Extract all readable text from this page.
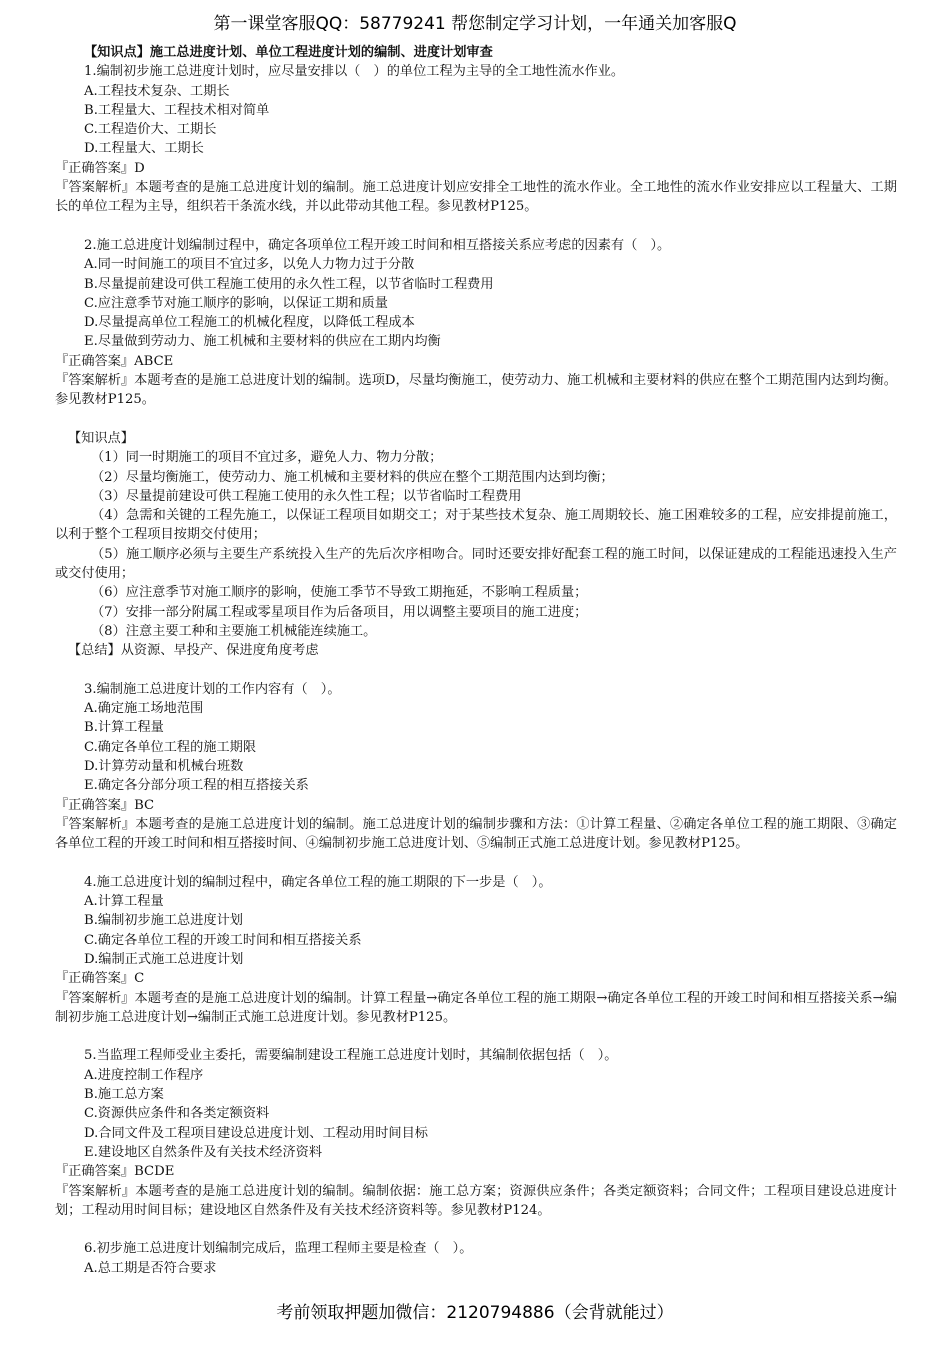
第一课堂客服QQ：58779241 帮您制定学习计划，一年通关加客服Q
【知识点】施工总进度计划、单位工程进度计划的编制、进度计划审查
1.编制初步施工总进度计划时，应尽量安排以（　）的单位工程为主导的全工地性流水作业。
A.工程技术复杂、工期长
B.工程量大、工程技术相对简单
C.工程造价大、工期长
D.工程量大、工期长
『正确答案』D
『答案解析』本题考查的是施工总进度计划的编制。施工总进度计划应安排全工地性的流水作业。全工地性的流水作业安排应以工程量大、工期长的单位工程为主导，组织若干条流水线，并以此带动其他工程。参见教材P125。
2.施工总进度计划编制过程中，确定各项单位工程开竣工时间和相互搭接关系应考虑的因素有（　）。
A.同一时间施工的项目不宜过多，以免人力物力过于分散
B.尽量提前建设可供工程施工使用的永久性工程，以节省临时工程费用
C.应注意季节对施工顺序的影响，以保证工期和质量
D.尽量提高单位工程施工的机械化程度，以降低工程成本
E.尽量做到劳动力、施工机械和主要材料的供应在工期内均衡
『正确答案』ABCE
『答案解析』本题考查的是施工总进度计划的编制。选项D，尽量均衡施工，使劳动力、施工机械和主要材料的供应在整个工期范围内达到均衡。参见教材P125。
【知识点】
（1）同一时期施工的项目不宜过多，避免人力、物力分散；
（2）尽量均衡施工，使劳动力、施工机械和主要材料的供应在整个工期范围内达到均衡；
（3）尽量提前建设可供工程施工使用的永久性工程；以节省临时工程费用
（4）急需和关键的工程先施工，以保证工程项目如期交工；对于某些技术复杂、施工周期较长、施工困难较多的工程，应安排提前施工，以利于整个工程项目按期交付使用；
（5）施工顺序必须与主要生产系统投入生产的先后次序相吻合。同时还要安排好配套工程的施工时间，以保证建成的工程能迅速投入生产或交付使用；
（6）应注意季节对施工顺序的影响，使施工季节不导致工期拖延，不影响工程质量；
（7）安排一部分附属工程或零星项目作为后备项目，用以调整主要项目的施工进度；
（8）注意主要工种和主要施工机械能连续施工。
【总结】从资源、早投产、保进度角度考虑
3.编制施工总进度计划的工作内容有（　）。
A.确定施工场地范围
B.计算工程量
C.确定各单位工程的施工期限
D.计算劳动量和机械台班数
E.确定各分部分项工程的相互搭接关系
『正确答案』BC
『答案解析』本题考查的是施工总进度计划的编制。施工总进度计划的编制步骤和方法：①计算工程量、②确定各单位工程的施工期限、③确定各单位工程的开竣工时间和相互搭接时间、④编制初步施工总进度计划、⑤编制正式施工总进度计划。参见教材P125。
4.施工总进度计划的编制过程中，确定各单位工程的施工期限的下一步是（　）。
A.计算工程量
B.编制初步施工总进度计划
C.确定各单位工程的开竣工时间和相互搭接关系
D.编制正式施工总进度计划
『正确答案』C
『答案解析』本题考查的是施工总进度计划的编制。计算工程量→确定各单位工程的施工期限→确定各单位工程的开竣工时间和相互搭接关系→编制初步施工总进度计划→编制正式施工总进度计划。参见教材P125。
5.当监理工程师受业主委托，需要编制建设工程施工总进度计划时，其编制依据包括（　）。
A.进度控制工作程序
B.施工总方案
C.资源供应条件和各类定额资料
D.合同文件及工程项目建设总进度计划、工程动用时间目标
E.建设地区自然条件及有关技术经济资料
『正确答案』BCDE
『答案解析』本题考查的是施工总进度计划的编制。编制依据：施工总方案；资源供应条件；各类定额资料；合同文件；工程项目建设总进度计划；工程动用时间目标；建设地区自然条件及有关技术经济资料等。参见教材P124。
6.初步施工总进度计划编制完成后，监理工程师主要是检查（　）。
A.总工期是否符合要求
考前领取押题加微信：2120794886（会背就能过）
